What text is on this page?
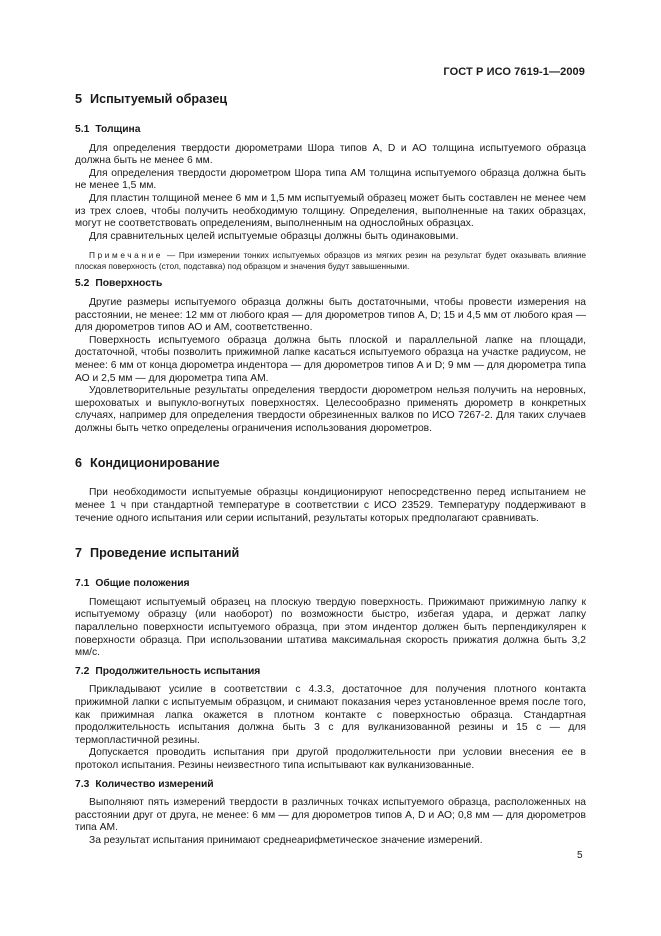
ГОСТ Р ИСО 7619-1—2009
5 Испытуемый образец
5.1 Толщина

Для определения твердости дюрометрами Шора типов A, D и АО толщина испытуемого образца должна быть не менее 6 мм.

Для определения твердости дюрометром Шора типа АМ толщина испытуемого образца должна быть не менее 1,5 мм.

Для пластин толщиной менее 6 мм и 1,5 мм испытуемый образец может быть составлен не менее чем из трех слоев, чтобы получить необходимую толщину. Определения, выполненные на таких образцах, могут не соответствовать определениям, выполненным на однослойных образцах.

Для сравнительных целей испытуемые образцы должны быть одинаковыми.

Примечание — При измерении тонких испытуемых образцов из мягких резин на результат будет оказывать влияние плоская поверхность (стол, подставка) под образцом и значения будут завышенными.

5.2 Поверхность

Другие размеры испытуемого образца должны быть достаточными, чтобы провести измерения на расстоянии, не менее: 12 мм от любого края — для дюрометров типов A, D; 15 и 4,5 мм от любого края — для дюрометров типов АО и АМ, соответственно.

Поверхность испытуемого образца должна быть плоской и параллельной лапке на площади, достаточной, чтобы позволить прижимной лапке касаться испытуемого образца на участке радиусом, не менее: 6 мм от конца дюрометра индентора — для дюрометров типов A и D; 9 мм — для дюрометра типа АО и 2,5 мм — для дюрометра типа АМ.

Удовлетворительные результаты определения твердости дюрометром нельзя получить на неровных, шероховатых и выпукло-вогнутых поверхностях. Целесообразно применять дюрометр в конкретных случаях, например для определения твердости обрезиненных валков по ИСО 7267-2. Для таких случаев должны быть четко определены ограничения использования дюрометров.

6 Кондиционирование

При необходимости испытуемые образцы кондиционируют непосредственно перед испытанием не менее 1 ч при стандартной температуре в соответствии с ИСО 23529. Температуру поддерживают в течение одного испытания или серии испытаний, результаты которых предполагают сравнивать.

7 Проведение испытаний
7.1 Общие положения

Помещают испытуемый образец на плоскую твердую поверхность. Прижимают прижимную лапку к испытуемому образцу (или наоборот) по возможности быстро, избегая удара, и держат лапку параллельно поверхности испытуемого образца, при этом индентор должен быть перпендикулярен к поверхности образца. При использовании штатива максимальная скорость прижатия должна быть 3,2 мм/с.

7.2 Продолжительность испытания

Прикладывают усилие в соответствии с 4.3.3, достаточное для получения плотного контакта прижимной лапки с испытуемым образцом, и снимают показания через установленное время после того, как прижимная лапка окажется в плотном контакте с поверхностью образца. Стандартная продолжительность испытания должна быть 3 с для вулканизованной резины и 15 с — для термопластичной резины.

Допускается проводить испытания при другой продолжительности при условии внесения ее в протокол испытания. Резины неизвестного типа испытывают как вулканизованные.

7.3 Количество измерений

Выполняют пять измерений твердости в различных точках испытуемого образца, расположенных на расстоянии друг от друга, не менее: 6 мм — для дюрометров типов A, D и АО; 0,8 мм — для дюрометров типа АМ.

За результат испытания принимают среднеарифметическое значение измерений.

5
